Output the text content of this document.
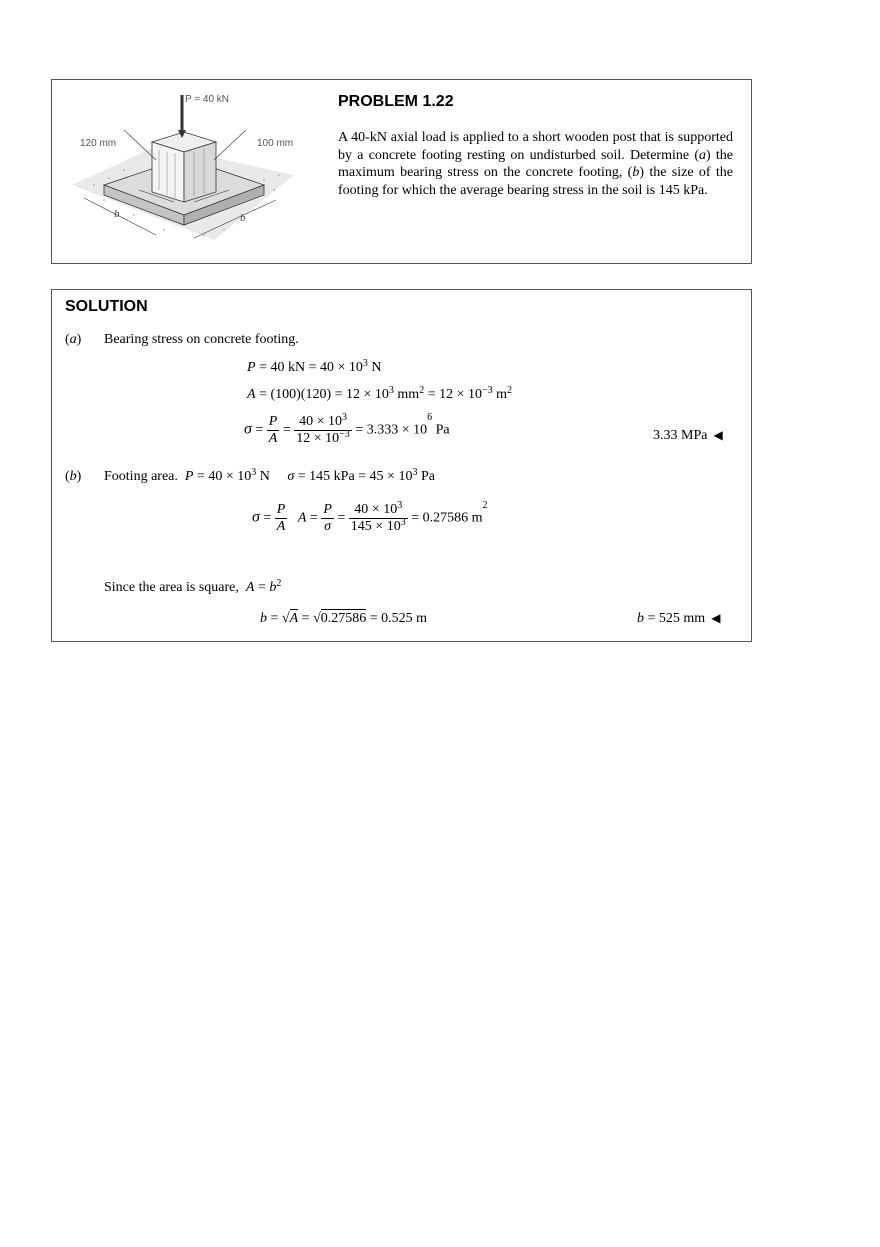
P = 40 kN
120 mm	100 mm
b	b
PROBLEM 1.22
A 40-kN axial load is applied to a short wooden post that is supported by a concrete footing resting on undisturbed soil. Determine (a) the maximum bearing stress on the concrete footing, (b) the size of the footing for which the average bearing stress in the soil is 145 kPa.
SOLUTION
(a) Bearing stress on concrete footing.
P = 40 kN = $40 \times 10^3$ N
$A = (100)(120) = 12 \times 10^3$ $mm^2 = 12 \times 10^{-3}$ $m^2$
$\sigma = \frac{P}{A} = \frac{40 \times 10^3}{12 \times 10^{-3}} = 3.333 \times 10^6$ Pa	3.33 MPa ◀
(b) Footing area. $P = 40 \times 10^3$ N σ = 145 kPa = $45 \times 10^3$ Pa
$\sigma = \frac{P}{A}$ $A = \frac{P}{\sigma} = \frac{40 \times 10^3}{145 \times 10^3} = 0.27586$ $m^2$
Since the area is square, $A = b^2$
b = √A = √0.27586 = 0.525 m	b = 525 mm ◀
